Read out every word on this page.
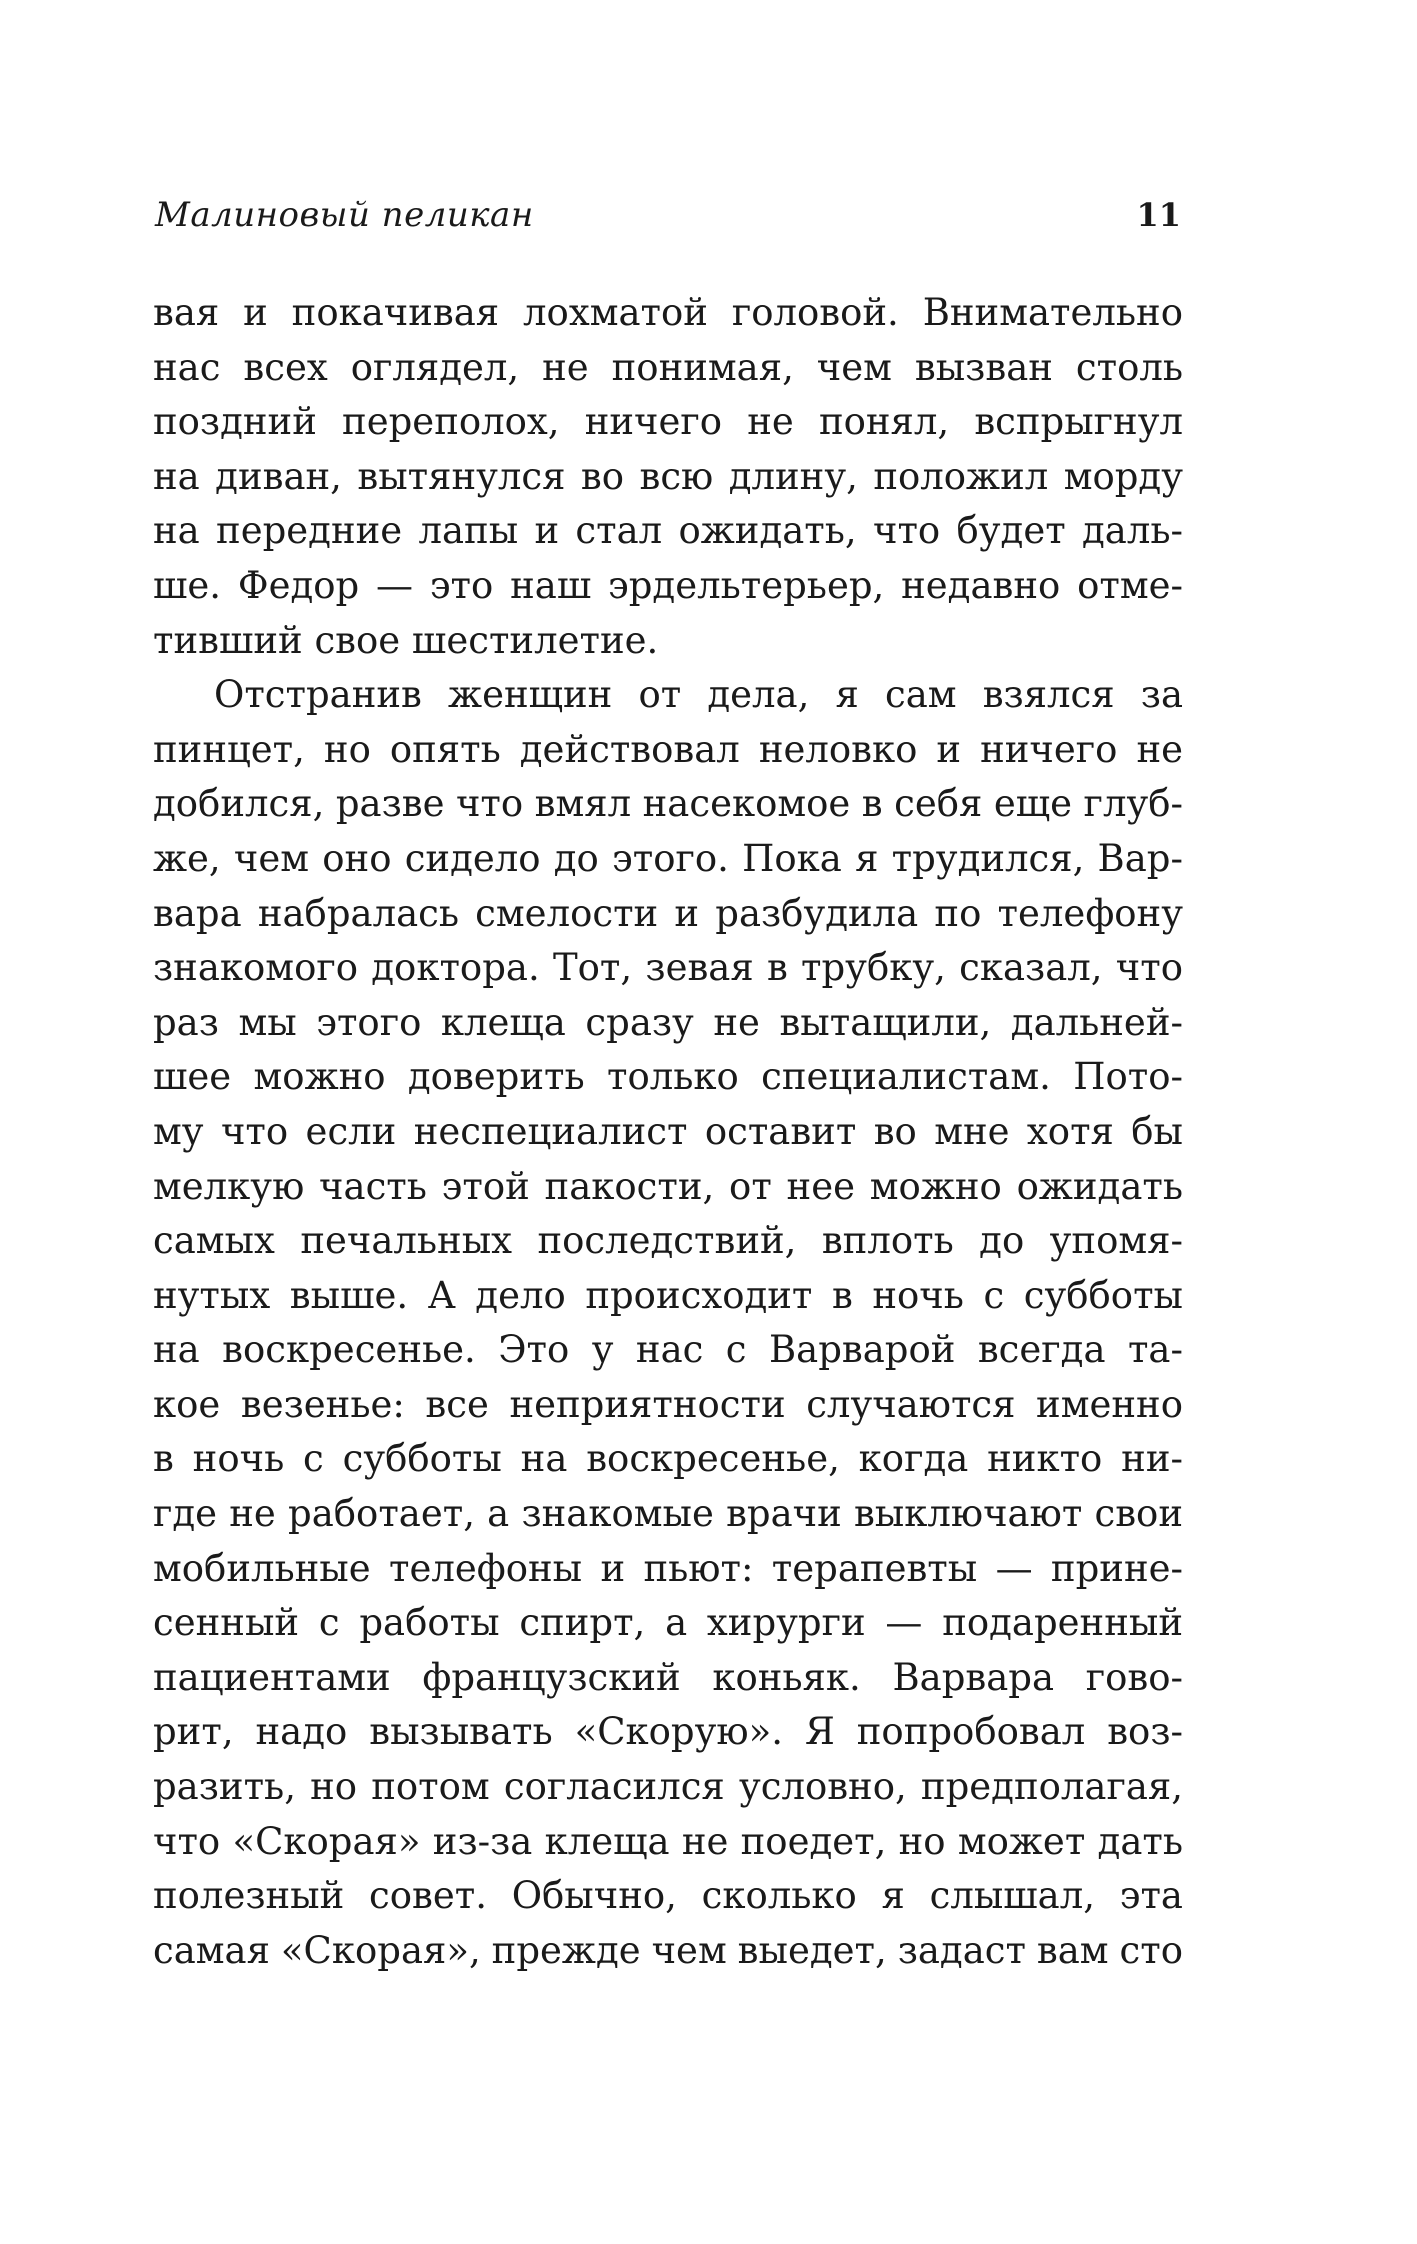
Малиновый пеликан	11
вая и покачивая лохматой головой. Внимательно
нас всех оглядел, не понимая, чем вызван столь
поздний переполох, ничего не понял, вспрыгнул
на диван, вытянулся во всю длину, положил морду
на передние лапы и стал ожидать, что будет даль-
ше. Федор — это наш эрдельтерьер, недавно отме-
тивший свое шестилетие.
Отстранив женщин от дела, я сам взялся за
пинцет, но опять действовал неловко и ничего не
добился, разве что вмял насекомое в себя еще глуб-
же, чем оно сидело до этого. Пока я трудился, Вар-
вара набралась смелости и разбудила по телефону
знакомого доктора. Тот, зевая в трубку, сказал, что
раз мы этого клеща сразу не вытащили, дальней-
шее можно доверить только специалистам. Пото-
му что если неспециалист оставит во мне хотя бы
мелкую часть этой пакости, от нее можно ожидать
самых печальных последствий, вплоть до упомя-
нутых выше. А дело происходит в ночь с субботы
на воскресенье. Это у нас с Варварой всегда та-
кое везенье: все неприятности случаются именно
в ночь с субботы на воскресенье, когда никто ни-
где не работает, а знакомые врачи выключают свои
мобильные телефоны и пьют: терапевты — прине-
сенный с работы спирт, а хирурги — подаренный
пациентами французский коньяк. Варвара гово-
рит, надо вызывать «Скорую». Я попробовал воз-
разить, но потом согласился условно, предполагая,
что «Скорая» из-за клеща не поедет, но может дать
полезный совет. Обычно, сколько я слышал, эта
самая «Скорая», прежде чем выедет, задаст вам сто
